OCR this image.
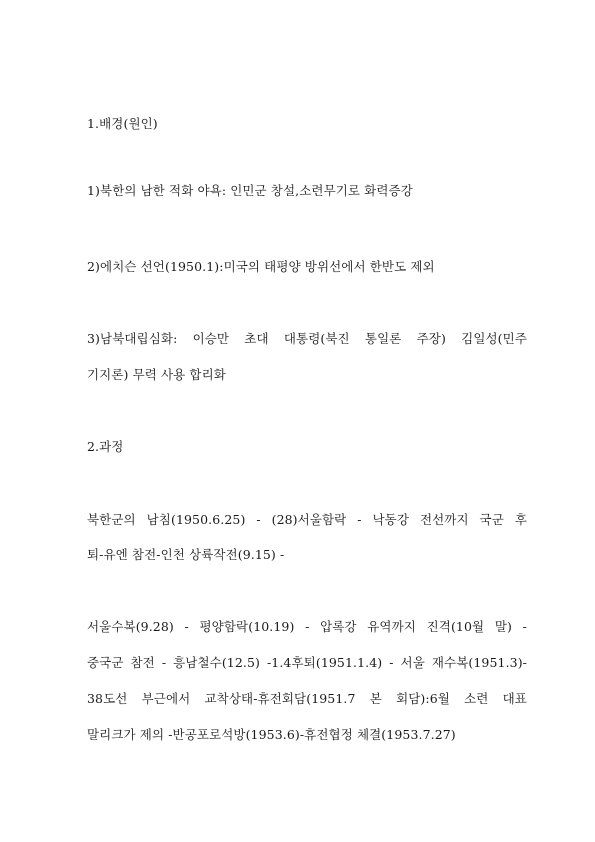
1.배경(원인)
1)북한의 남한 적화 야욕: 인민군 창설,소련무기로 화력증강
2)에치슨 선언(1950.1):미국의 태평양 방위선에서 한반도 제외
3)남북대립심화: 이승만 초대 대통령(북진 통일론 주장) 김일성(민주
기지론) 무력 사용 합리화
2.과정
북한군의 남침(1950.6.25) - (28)서울함락 - 낙동강 전선까지 국군 후
퇴-유엔 참전-인천 상륙작전(9.15) -
서울수복(9.28) - 평양함락(10.19) - 압록강 유역까지 진격(10월 말) -
중국군 참전 - 흥남철수(12.5) -1.4후퇴(1951.1.4) - 서울 재수복(1951.3)-
38도선 부근에서 교착상태-휴전회담(1951.7 본 회담):6월 소련 대표
말리크가 제의 -반공포로석방(1953.6)-휴전협정 체결(1953.7.27)
